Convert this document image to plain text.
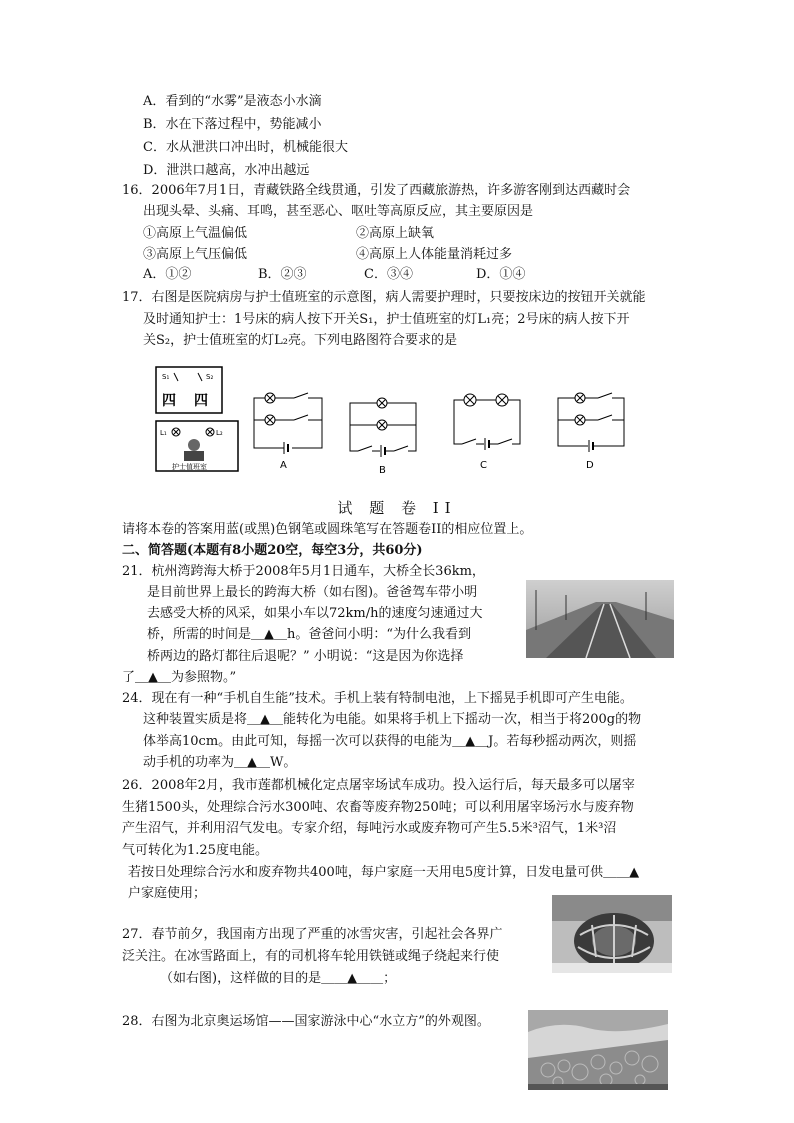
A．看到的“水雾”是液态小水滴
B．水在下落过程中，势能减小
C．水从泄洪口冲出时，机械能很大
D．泄洪口越高，水冲出越远
16．2006年7月1日，青藏铁路全线贯通，引发了西藏旅游热，许多游客刚到达西藏时会
出现头晕、头痛、耳鸣，甚至恶心、呕吐等高原反应，其主要原因是
①高原上气温偏低	②高原上缺氧
③高原上气压偏低	④高原上人体能量消耗过多
A．①②	B．②③	C．③④	D．①④
17．右图是医院病房与护士值班室的示意图，病人需要护理时，只要按床边的按钮开关就能
及时通知护士：1号床的病人按下开关S₁，护士值班室的灯L₁亮；2号床的病人按下开
关S₂，护士值班室的灯L₂亮。下列电路图符合要求的是
S₁	S₂
四 四
L₁	L₂
护士值班室	A	B	C	D
试 题 卷 II
请将本卷的答案用蓝(或黑)色钢笔或圆珠笔写在答题卷II的相应位置上。
二、简答题(本题有8小题20空，每空3分，共60分)
21．杭州湾跨海大桥于2008年5月1日通车，大桥全长36km，
是目前世界上最长的跨海大桥（如右图)。爸爸驾车带小明
去感受大桥的风采，如果小车以72km/h的速度匀速通过大
桥，所需的时间是＿▲＿h。爸爸问小明：“为什么我看到
桥两边的路灯都往后退呢？” 小明说：“这是因为你选择
了＿▲＿为参照物。”
24．现在有一种“手机自生能”技术。手机上装有特制电池，上下摇晃手机即可产生电能。
这种装置实质是将＿▲＿能转化为电能。如果将手机上下摇动一次，相当于将200g的物
体举高10cm。由此可知，每摇一次可以获得的电能为＿▲＿J。若每秒摇动两次，则摇
动手机的功率为＿▲＿W。
26．2008年2月，我市莲都机械化定点屠宰场试车成功。投入运行后，每天最多可以屠宰
生猪1500头，处理综合污水300吨、农畜等废弃物250吨；可以利用屠宰场污水与废弃物
产生沼气，并利用沼气发电。专家介绍，每吨污水或废弃物可产生5.5米³沼气，1米³沼
气可转化为1.25度电能。
若按日处理综合污水和废弃物共400吨，每户家庭一天用电5度计算，日发电量可供＿＿▲
户家庭使用；
27．春节前夕，我国南方出现了严重的冰雪灾害，引起社会各界广
泛关注。在冰雪路面上，有的司机将车轮用铁链或绳子绕起来行使
（如右图)，这样做的目的是＿＿▲＿＿；
28．右图为北京奥运场馆——国家游泳中心“水立方”的外观图。
